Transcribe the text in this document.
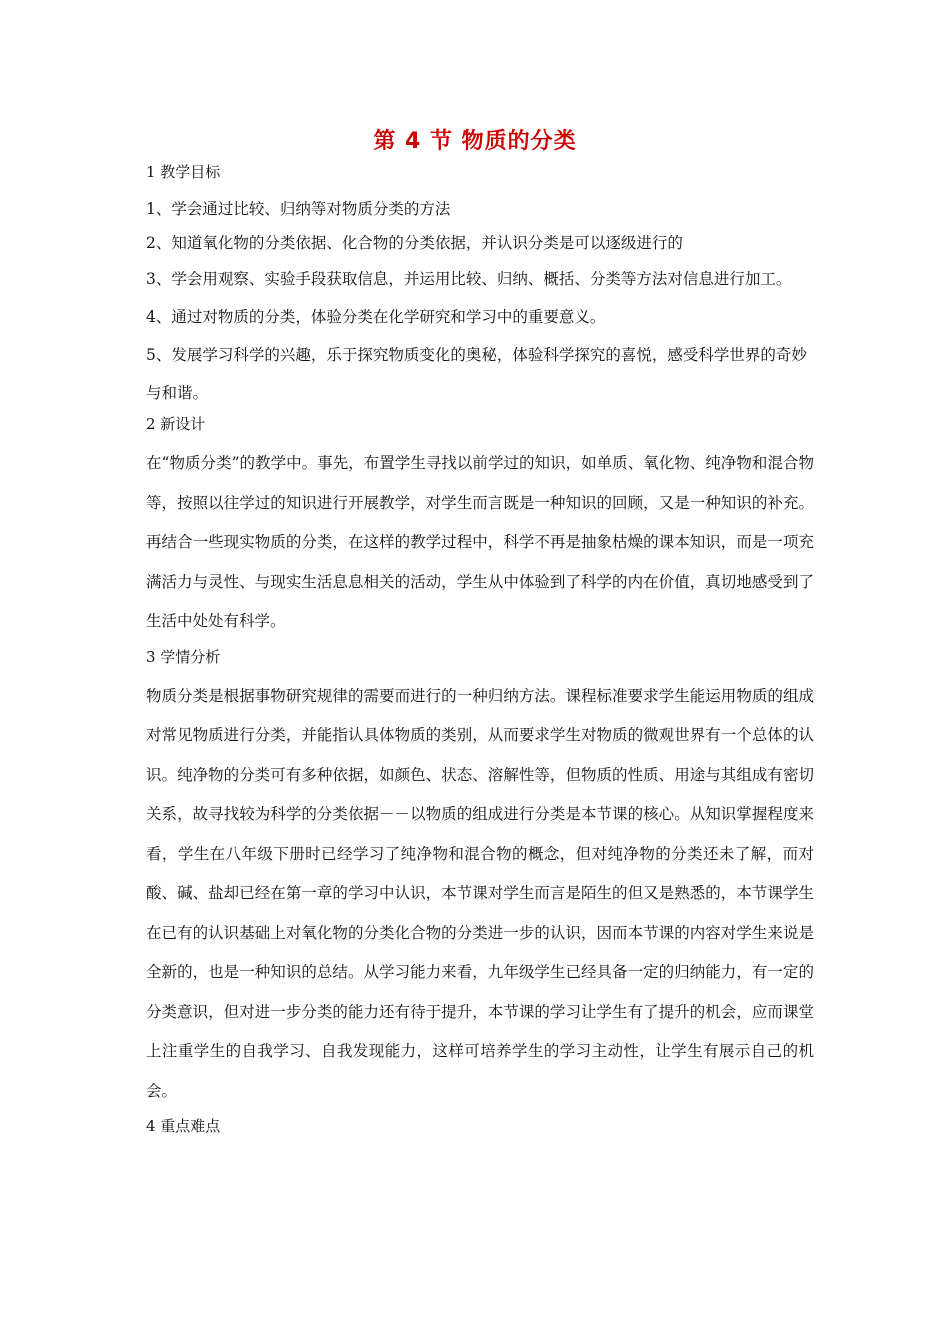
第 4 节 物质的分类
1 教学目标

1、学会通过比较、归纳等对物质分类的方法

2、知道氧化物的分类依据、化合物的分类依据，并认识分类是可以逐级进行的

3、学会用观察、实验手段获取信息，并运用比较、归纳、概括、分类等方法对信息进行加工。

4、通过对物质的分类，体验分类在化学研究和学习中的重要意义。

5、发展学习科学的兴趣，乐于探究物质变化的奥秘，体验科学探究的喜悦，感受科学世界的奇妙与和谐。

2 新设计

在“物质分类”的教学中。事先，布置学生寻找以前学过的知识，如单质、氧化物、纯净物和混合物等，按照以往学过的知识进行开展教学，对学生而言既是一种知识的回顾，又是一种知识的补充。再结合一些现实物质的分类，在这样的教学过程中，科学不再是抽象枯燥的课本知识，而是一项充满活力与灵性、与现实生活息息相关的活动，学生从中体验到了科学的内在价值，真切地感受到了生活中处处有科学。

3 学情分析

物质分类是根据事物研究规律的需要而进行的一种归纳方法。课程标准要求学生能运用物质的组成对常见物质进行分类，并能指认具体物质的类别，从而要求学生对物质的微观世界有一个总体的认识。纯净物的分类可有多种依据，如颜色、状态、溶解性等，但物质的性质、用途与其组成有密切关系，故寻找较为科学的分类依据－－以物质的组成进行分类是本节课的核心。从知识掌握程度来看，学生在八年级下册时已经学习了纯净物和混合物的概念，但对纯净物的分类还未了解，而对酸、碱、盐却已经在第一章的学习中认识，本节课对学生而言是陌生的但又是熟悉的，本节课学生在已有的认识基础上对氧化物的分类化合物的分类进一步的认识，因而本节课的内容对学生来说是全新的，也是一种知识的总结。从学习能力来看，九年级学生已经具备一定的归纳能力，有一定的分类意识，但对进一步分类的能力还有待于提升，本节课的学习让学生有了提升的机会，应而课堂上注重学生的自我学习、自我发现能力，这样可培养学生的学习主动性，让学生有展示自己的机会。

4 重点难点
